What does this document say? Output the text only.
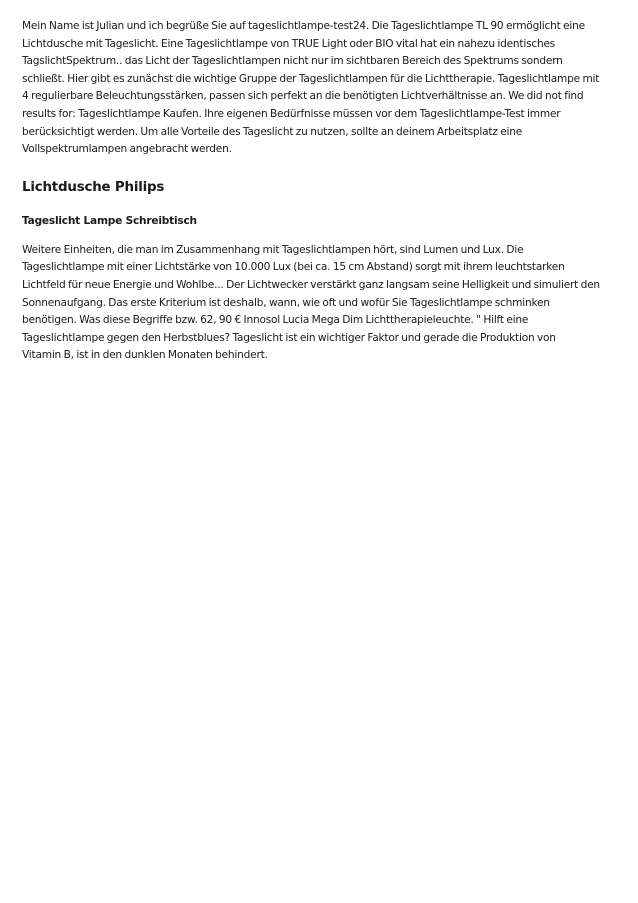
Mein Name ist Julian und ich begrüße Sie auf tageslichtlampe-test24. Die Tageslichtlampe TL 90 ermöglicht eine
Lichtdusche mit Tageslicht. Eine Tageslichtlampe von TRUE Light oder BIO vital hat ein nahezu identisches
TagslichtSpektrum.. das Licht der Tageslichtlampen nicht nur im sichtbaren Bereich des Spektrums sondern
schließt. Hier gibt es zunächst die wichtige Gruppe der Tageslichtlampen für die Lichttherapie. Tageslichtlampe mit
4 regulierbare Beleuchtungsstärken, passen sich perfekt an die benötigten Lichtverhältnisse an. We did not find
results for: Tageslichtlampe Kaufen. Ihre eigenen Bedürfnisse müssen vor dem Tageslichtlampe-Test immer
berücksichtigt werden. Um alle Vorteile des Tageslicht zu nutzen, sollte an deinem Arbeitsplatz eine
Vollspektrumlampen angebracht werden.

Lichtdusche Philips
Tageslicht Lampe Schreibtisch

Weitere Einheiten, die man im Zusammenhang mit Tageslichtlampen hört, sind Lumen und Lux. Die
Tageslichtlampe mit einer Lichtstärke von 10.000 Lux (bei ca. 15 cm Abstand) sorgt mit ihrem leuchtstarken
Lichtfeld für neue Energie und Wohlbe... Der Lichtwecker verstärkt ganz langsam seine Helligkeit und simuliert den
Sonnenaufgang. Das erste Kriterium ist deshalb, wann, wie oft und wofür Sie Tageslichtlampe schminken
benötigen. Was diese Begriffe bzw. 62, 90 € Innosol Lucia Mega Dim Lichttherapieleuchte. " Hilft eine
Tageslichtlampe gegen den Herbstblues? Tageslicht ist ein wichtiger Faktor und gerade die Produktion von
Vitamin B, ist in den dunklen Monaten behindert.
